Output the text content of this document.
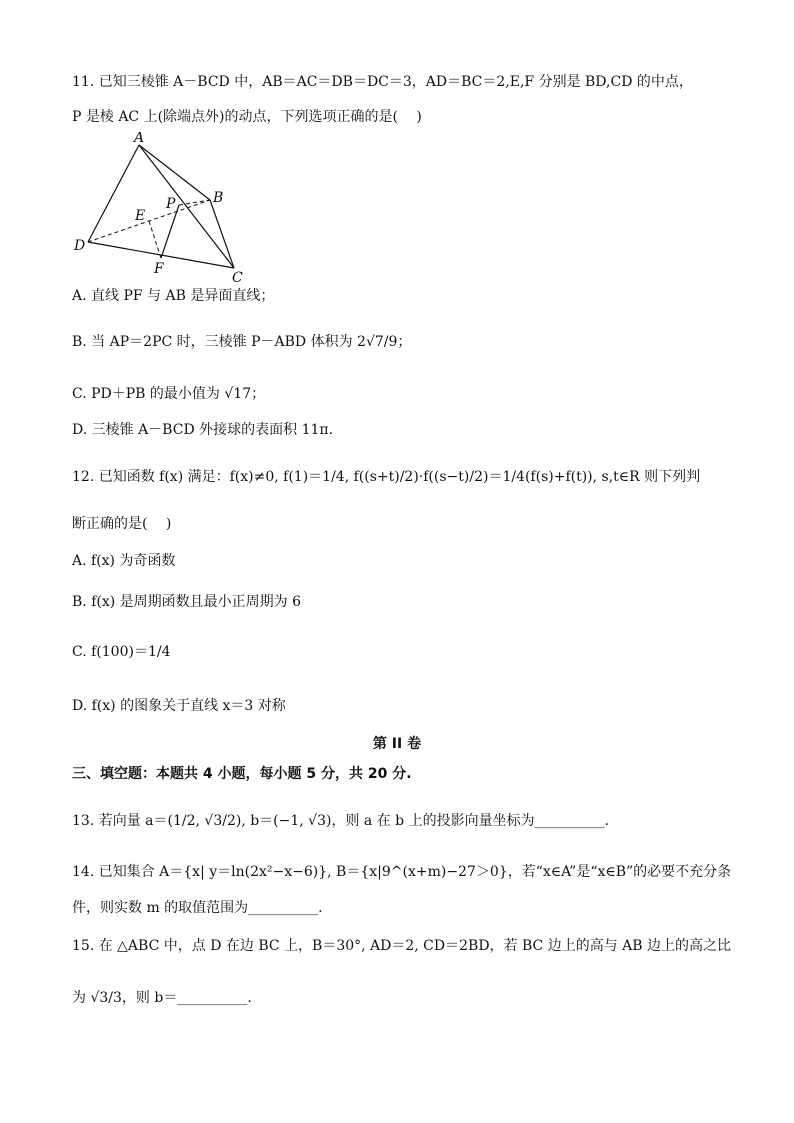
11. 已知三棱锥 A－BCD 中，AB＝AC＝DB＝DC＝3，AD＝BC＝2,E,F 分别是 BD,CD 的中点，
P 是棱 AC 上(除端点外)的动点，下列选项正确的是(　 )
A
B
C
D
E
F
P
A. 直线 PF 与 AB 是异面直线；
B. 当 AP＝2PC 时，三棱锥 P－ABD 体积为 2√7/9；
C. PD＋PB 的最小值为 √17；
D. 三棱锥 A－BCD 外接球的表面积 11π.
12. 已知函数 f(x) 满足：f(x)≠0, f(1)＝1/4, f((s+t)/2)·f((s−t)/2)＝1/4(f(s)+f(t)), s,t∈R 则下列判
断正确的是(　 )
A. f(x) 为奇函数
B. f(x) 是周期函数且最小正周期为 6
C. f(100)＝1/4
D. f(x) 的图象关于直线 x＝3 对称
第 II 卷
三、填空题：本题共 4 小题，每小题 5 分，共 20 分.
13. 若向量 a＝(1/2, √3/2), b＝(−1, √3)，则 a 在 b 上的投影向量坐标为__________.
14. 已知集合 A＝{x| y＝ln(2x²−x−6)}, B＝{x|9^(x+m)−27＞0}，若“x∈A”是“x∈B”的必要不充分条
件，则实数 m 的取值范围为__________.
15. 在 △ABC 中，点 D 在边 BC 上，B＝30°, AD＝2, CD＝2BD，若 BC 边上的高与 AB 边上的高之比
为 √3/3，则 b＝__________.
